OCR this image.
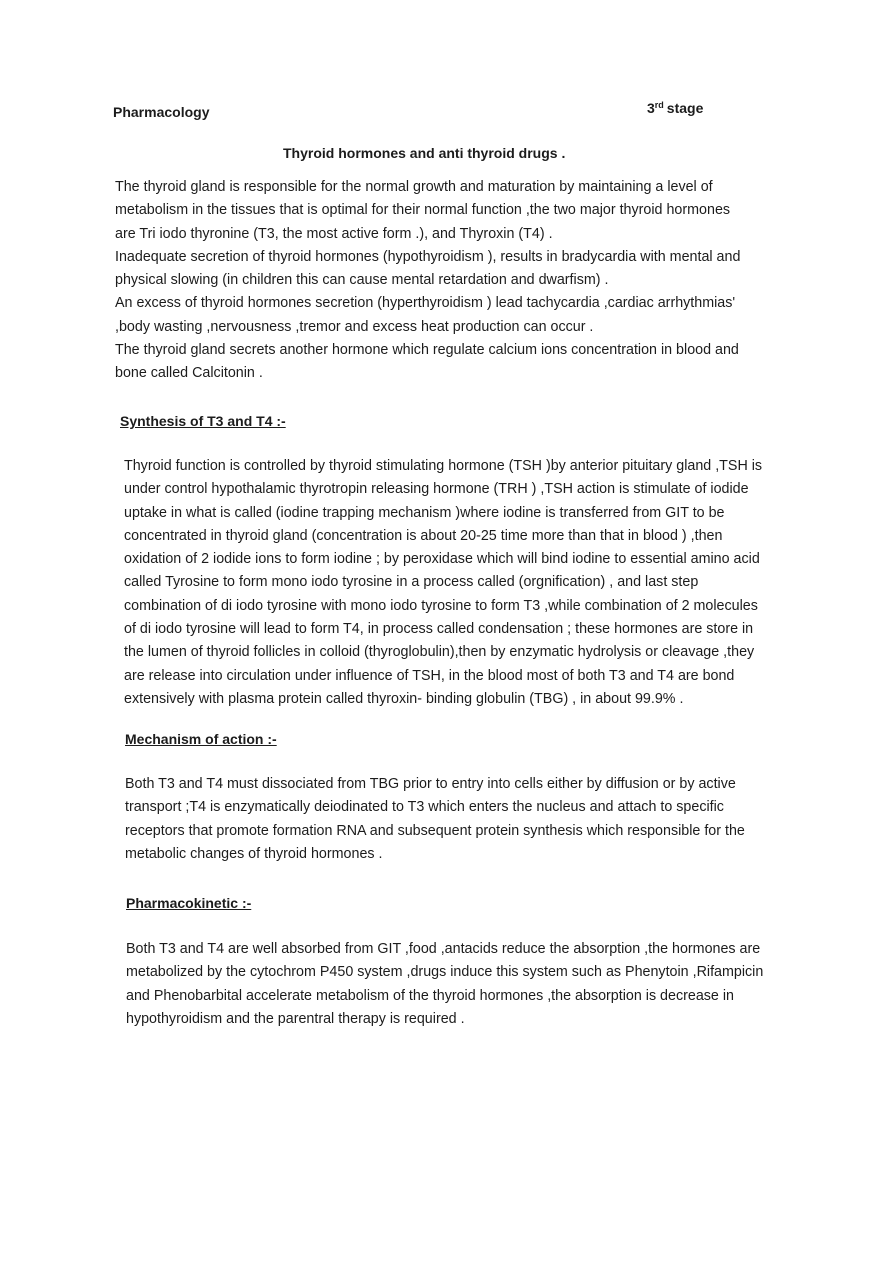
Pharmacology	3rd stage
Thyroid hormones and anti thyroid drugs .
The thyroid gland is responsible for the normal growth and maturation by maintaining a level of
metabolism in the tissues that is optimal for their normal function ,the two major thyroid hormones
are Tri iodo thyronine (T3, the most active form .), and Thyroxin (T4) .
Inadequate secretion of thyroid hormones (hypothyroidism ), results in bradycardia with mental and
physical slowing (in children this can cause mental retardation and dwarfism) .
An excess of thyroid hormones secretion (hyperthyroidism ) lead tachycardia ,cardiac arrhythmias'
,body wasting ,nervousness ,tremor and excess heat production can occur .
The thyroid gland secrets another hormone which regulate calcium ions concentration in blood and
bone called Calcitonin .
Synthesis of T3 and T4 :-
Thyroid function is controlled by thyroid stimulating hormone (TSH )by anterior pituitary gland ,TSH is
under control hypothalamic thyrotropin releasing hormone (TRH ) ,TSH action is stimulate of iodide
uptake in what is called (iodine trapping mechanism )where iodine is transferred from GIT to be
concentrated in thyroid gland (concentration is about 20-25 time more than that in blood ) ,then
oxidation of 2 iodide ions to form iodine ; by peroxidase which will bind iodine to essential amino acid
called Tyrosine to form mono iodo tyrosine in a process called (orgnification) , and last step
combination of di iodo tyrosine with mono iodo tyrosine to form T3 ,while combination of 2 molecules
of di iodo tyrosine will lead to form T4, in process called condensation ; these hormones are store in
the lumen of thyroid follicles in colloid (thyroglobulin),then by enzymatic hydrolysis or cleavage ,they
are release into circulation under influence of TSH, in the blood most of both T3 and T4 are bond
extensively with plasma protein called thyroxin- binding globulin (TBG) , in about 99.9% .
Mechanism of action :-
Both T3 and T4 must dissociated from TBG prior to entry into cells either by diffusion or by active
transport ;T4 is enzymatically deiodinated to T3 which enters the nucleus and attach to specific
receptors that promote formation RNA and subsequent protein synthesis which responsible for the
metabolic changes of thyroid hormones .
Pharmacokinetic :-
Both T3 and T4 are well absorbed from GIT ,food ,antacids reduce the absorption ,the hormones are
metabolized by the cytochrom P450 system ,drugs induce this system such as Phenytoin ,Rifampicin
and Phenobarbital accelerate metabolism of the thyroid hormones ,the absorption is decrease in
hypothyroidism and the parentral therapy is required .
